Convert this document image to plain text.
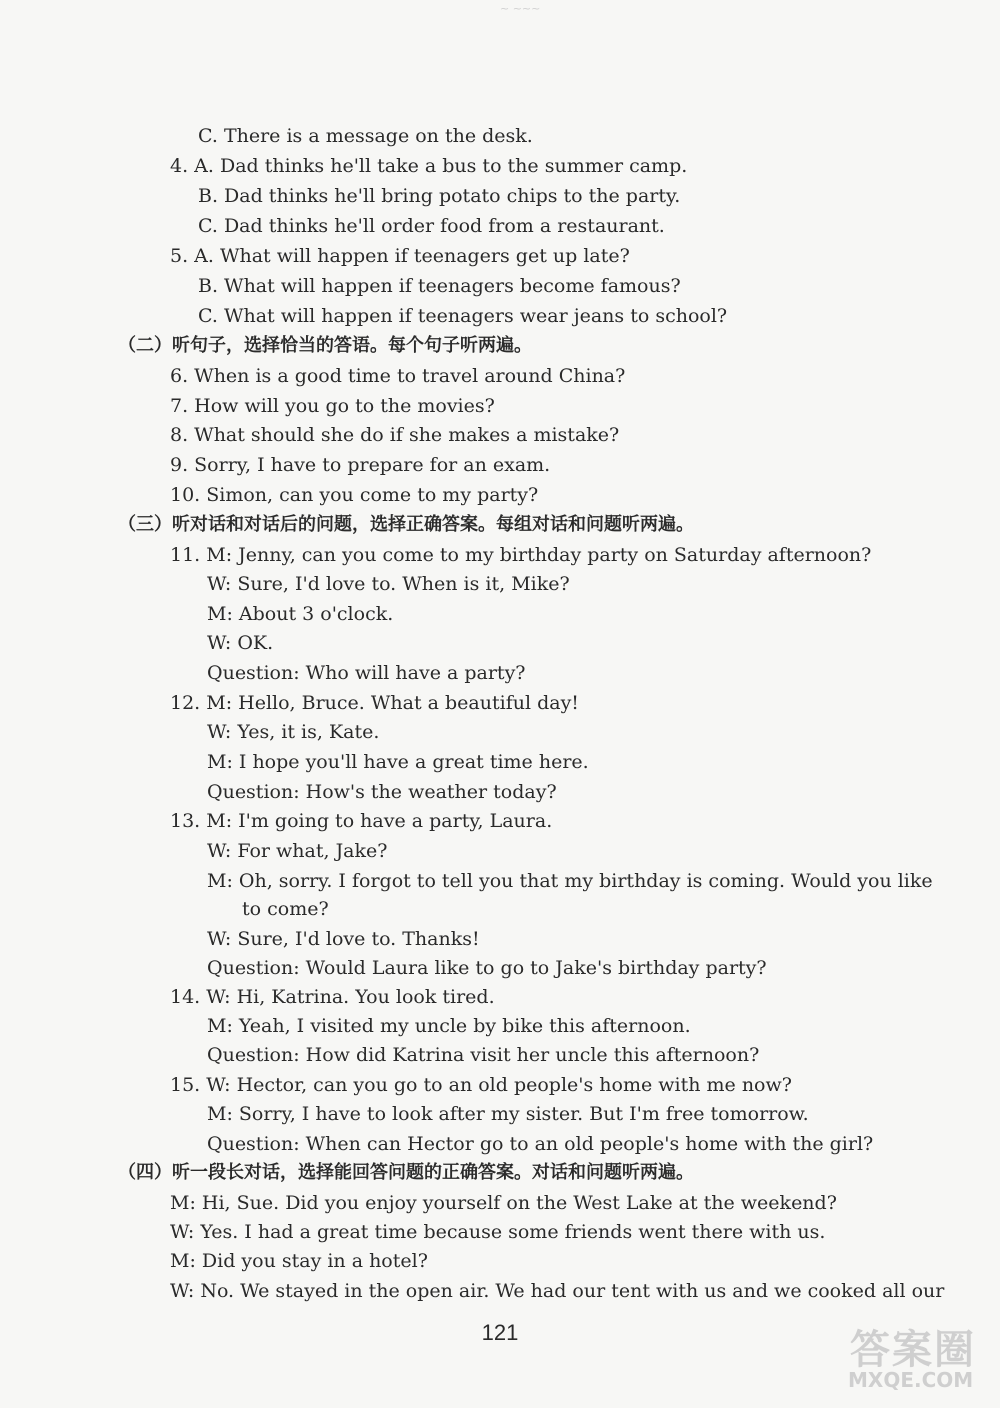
~ ~~~
C. There is a message on the desk.
4. A. Dad thinks he'll take a bus to the summer camp.
B. Dad thinks he'll bring potato chips to the party.
C. Dad thinks he'll order food from a restaurant.
5. A. What will happen if teenagers get up late?
B. What will happen if teenagers become famous?
C. What will happen if teenagers wear jeans to school?
（二）听句子，选择恰当的答语。每个句子听两遍。
6. When is a good time to travel around China?
7. How will you go to the movies?
8. What should she do if she makes a mistake?
9. Sorry, I have to prepare for an exam.
10. Simon, can you come to my party?
（三）听对话和对话后的问题，选择正确答案。每组对话和问题听两遍。
11. M: Jenny, can you come to my birthday party on Saturday afternoon?
W: Sure, I'd love to. When is it, Mike?
M: About 3 o'clock.
W: OK.
Question: Who will have a party?
12. M: Hello, Bruce. What a beautiful day!
W: Yes, it is, Kate.
M: I hope you'll have a great time here.
Question: How's the weather today?
13. M: I'm going to have a party, Laura.
W: For what, Jake?
M: Oh, sorry. I forgot to tell you that my birthday is coming. Would you like
to come?
W: Sure, I'd love to. Thanks!
Question: Would Laura like to go to Jake's birthday party?
14. W: Hi, Katrina. You look tired.
M: Yeah, I visited my uncle by bike this afternoon.
Question: How did Katrina visit her uncle this afternoon?
15. W: Hector, can you go to an old people's home with me now?
M: Sorry, I have to look after my sister. But I'm free tomorrow.
Question: When can Hector go to an old people's home with the girl?
（四）听一段长对话，选择能回答问题的正确答案。对话和问题听两遍。
M: Hi, Sue. Did you enjoy yourself on the West Lake at the weekend?
W: Yes. I had a great time because some friends went there with us.
M: Did you stay in a hotel?
W: No. We stayed in the open air. We had our tent with us and we cooked all our
121	答案圈
MXQE.COM
